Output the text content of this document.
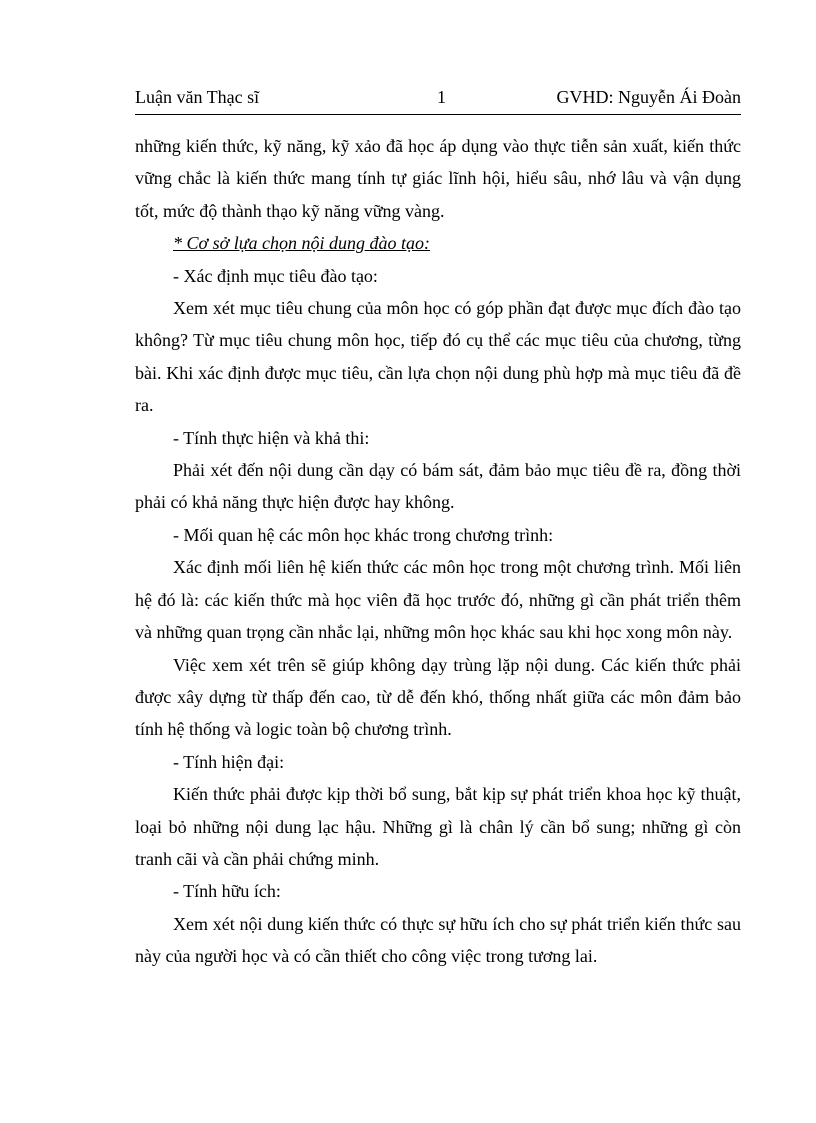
Luận văn Thạc sĩ	1	GVHD: Nguyễn Ái Đoàn

những kiến thức, kỹ năng, kỹ xảo đã học áp dụng vào thực tiễn sản xuất, kiến thức vững chắc là kiến thức mang tính tự giác lĩnh hội, hiểu sâu, nhớ lâu và vận dụng tốt, mức độ thành thạo kỹ năng vững vàng.

* Cơ sở lựa chọn nội dung đào tạo:

- Xác định mục tiêu đào tạo:

Xem xét mục tiêu chung của môn học có góp phần đạt được mục đích đào tạo không? Từ mục tiêu chung môn học, tiếp đó cụ thể các mục tiêu của chương, từng bài. Khi xác định được mục tiêu, cần lựa chọn nội dung phù hợp mà mục tiêu đã đề ra.

- Tính thực hiện và khả thi:

Phải xét đến nội dung cần dạy có bám sát, đảm bảo mục tiêu đề ra, đồng thời phải có khả năng thực hiện được hay không.

- Mối quan hệ các môn học khác trong chương trình:

Xác định mối liên hệ kiến thức các môn học trong một chương trình. Mối liên hệ đó là: các kiến thức mà học viên đã học trước đó, những gì cần phát triển thêm và những quan trọng cần nhắc lại, những môn học khác sau khi học xong môn này.

Việc xem xét trên sẽ giúp không dạy trùng lặp nội dung. Các kiến thức phải được xây dựng từ thấp đến cao, từ dễ đến khó, thống nhất giữa các môn đảm bảo tính hệ thống và logic toàn bộ chương trình.

- Tính hiện đại:

Kiến thức phải được kịp thời bổ sung, bắt kịp sự phát triển khoa học kỹ thuật, loại bỏ những nội dung lạc hậu. Những gì là chân lý cần bổ sung; những gì còn tranh cãi và cần phải chứng minh.

- Tính hữu ích:

Xem xét nội dung kiến thức có thực sự hữu ích cho sự phát triển kiến thức sau này của người học và có cần thiết cho công việc trong tương lai.
